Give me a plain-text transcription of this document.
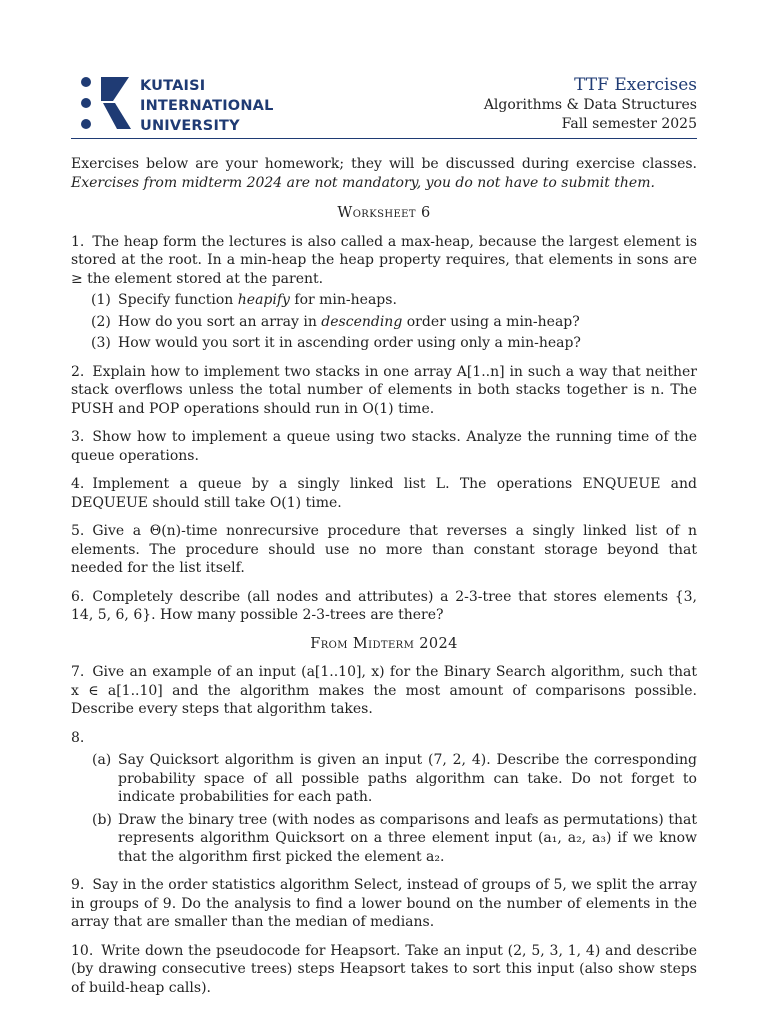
KUTAISI
INTERNATIONAL
UNIVERSITY
TTF Exercises
Algorithms & Data Structures
Fall semester 2025

Exercises below are your homework; they will be discussed during exercise classes. Exercises from midterm 2024 are not mandatory, you do not have to submit them.

Worksheet 6

1. The heap form the lectures is also called a max-heap, because the largest element is stored at the root. In a min-heap the heap property requires, that elements in sons are ≥ the element stored at the parent.

(1) Specify function heapify for min-heaps.
(2) How do you sort an array in descending order using a min-heap?
(3) How would you sort it in ascending order using only a min-heap?

2. Explain how to implement two stacks in one array A[1..n] in such a way that neither stack overflows unless the total number of elements in both stacks together is n. The PUSH and POP operations should run in O(1) time.

3. Show how to implement a queue using two stacks. Analyze the running time of the queue operations.

4. Implement a queue by a singly linked list L. The operations ENQUEUE and DEQUEUE should still take O(1) time.

5. Give a Θ(n)-time nonrecursive procedure that reverses a singly linked list of n elements. The procedure should use no more than constant storage beyond that needed for the list itself.

6. Completely describe (all nodes and attributes) a 2-3-tree that stores elements {3, 14, 5, 6, 6}. How many possible 2-3-trees are there?

From Midterm 2024

7. Give an example of an input (a[1..10], x) for the Binary Search algorithm, such that x ∈ a[1..10] and the algorithm makes the most amount of comparisons possible. Describe every steps that algorithm takes.

8.

(a) Say Quicksort algorithm is given an input (7, 2, 4). Describe the corresponding probability space of all possible paths algorithm can take. Do not forget to indicate probabilities for each path.
(b) Draw the binary tree (with nodes as comparisons and leafs as permutations) that represents algorithm Quicksort on a three element input (a₁, a₂, a₃) if we know that the algorithm first picked the element a₂.

9. Say in the order statistics algorithm Select, instead of groups of 5, we split the array in groups of 9. Do the analysis to find a lower bound on the number of elements in the array that are smaller than the median of medians.

10. Write down the pseudocode for Heapsort. Take an input (2, 5, 3, 1, 4) and describe (by drawing consecutive trees) steps Heapsort takes to sort this input (also show steps of build-heap calls).
